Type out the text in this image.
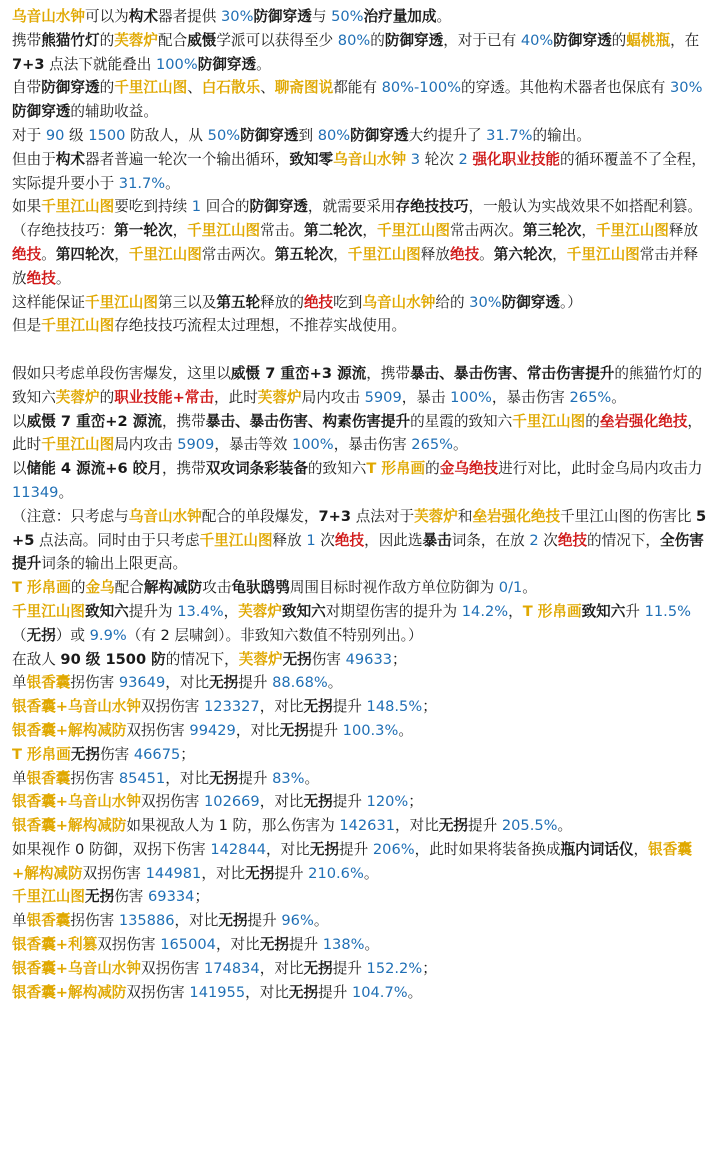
乌音山水钟可以为构术器者提供 30%防御穿透与 50%治疗量加成。
携带熊猫竹灯的芙蓉炉配合威慑学派可以获得至少 80%的防御穿透，对于已有 40%防御穿透的蝠桃瓶，在 7+3 点法下就能叠出 100%防御穿透。
自带防御穿透的千里江山图、白石散乐、聊斋图说都能有 80%-100%的穿透。其他构术器者也保底有 30%防御穿透的辅助收益。
对于 90 级 1500 防敌人，从 50%防御穿透到 80%防御穿透大约提升了 31.7%的输出。
但由于构术器者普遍一轮次一个输出循环，致知零乌音山水钟 3 轮次 2 强化职业技能的循环覆盖不了全程，实际提升要小于 31.7%。
如果千里江山图要吃到持续 1 回合的防御穿透，就需要采用存绝技技巧，一般认为实战效果不如搭配利篡。
（存绝技技巧：第一轮次，千里江山图常击。第二轮次，千里江山图常击两次。第三轮次，千里江山图释放绝技。第四轮次，千里江山图常击两次。第五轮次，千里江山图释放绝技。第六轮次，千里江山图常击并释放绝技。
这样能保证千里江山图第三以及第五轮释放的绝技吃到乌音山水钟给的 30%防御穿透。）
但是千里江山图存绝技技巧流程太过理想，不推荐实战使用。
假如只考虑单段伤害爆发，这里以威慑 7 重峦+3 源流，携带暴击、暴击伤害、常击伤害提升的熊猫竹灯的致知六芙蓉炉的职业技能+常击，此时芙蓉炉局内攻击 5909，暴击 100%，暴击伤害 265%。
以威慑 7 重峦+2 源流，携带暴击、暴击伤害、构素伤害提升的星霞的致知六千里江山图的垒岩强化绝技，此时千里江山图局内攻击 5909，暴击等效 100%，暴击伤害 265%。
以储能 4 源流+6 皎月，携带双攻词条彩装备的致知六T 形帛画的金乌绝技进行对比，此时金乌局内攻击力 11349。
（注意：只考虑与乌音山水钟配合的单段爆发，7+3 点法对于芙蓉炉和垒岩强化绝技千里江山图的伤害比 5+5 点法高。同时由于只考虑千里江山图释放 1 次绝技，因此选暴击词条，在放 2 次绝技的情况下，全伤害提升词条的输出上限更高。
T 形帛画的金乌配合解构减防攻击龟驮鸱鸮周围目标时视作敌方单位防御为 0/1。
千里江山图致知六提升为 13.4%，芙蓉炉致知六对期望伤害的提升为 14.2%，T 形帛画致知六升 11.5%（无拐）或 9.9%（有 2 层啸剑）。非致知六数值不特别列出。）
在敌人 90 级 1500 防的情况下，芙蓉炉无拐伤害 49633；
单银香囊拐伤害 93649，对比无拐提升 88.68%。
银香囊+乌音山水钟双拐伤害 123327，对比无拐提升 148.5%；
银香囊+解构减防双拐伤害 99429，对比无拐提升 100.3%。
T 形帛画无拐伤害 46675；
单银香囊拐伤害 85451，对比无拐提升 83%。
银香囊+乌音山水钟双拐伤害 102669，对比无拐提升 120%；
银香囊+解构减防如果视敌人为 1 防，那么伤害为 142631，对比无拐提升 205.5%。
如果视作 0 防御，双拐下伤害 142844，对比无拐提升 206%，此时如果将装备换成瓶内词话仪，银香囊+解构减防双拐伤害 144981，对比无拐提升 210.6%。
千里江山图无拐伤害 69334；
单银香囊拐伤害 135886，对比无拐提升 96%。
银香囊+利篡双拐伤害 165004，对比无拐提升 138%。
银香囊+乌音山水钟双拐伤害 174834，对比无拐提升 152.2%；
银香囊+解构减防双拐伤害 141955，对比无拐提升 104.7%。
